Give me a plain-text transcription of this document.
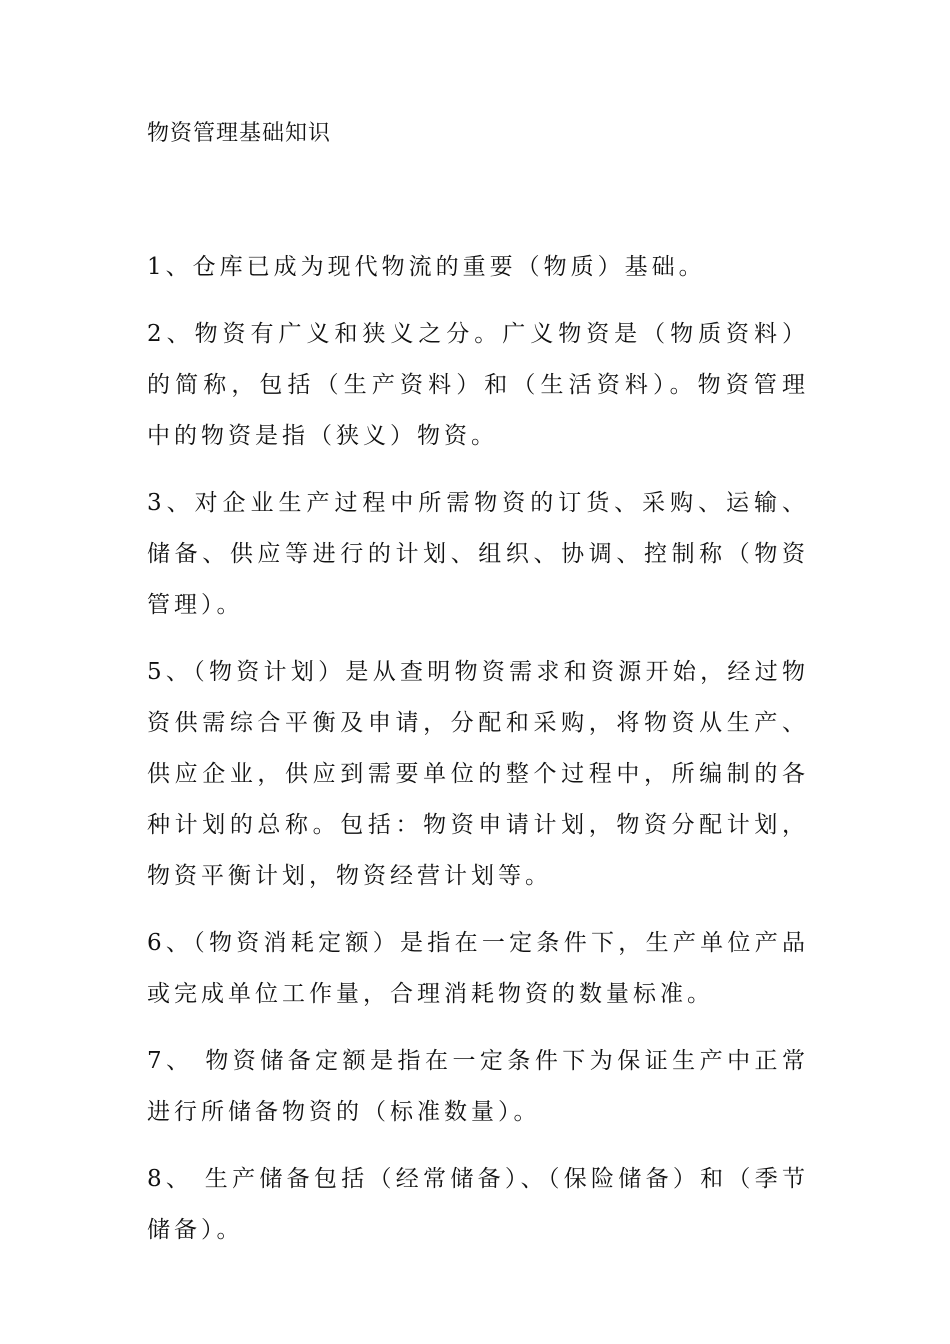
物资管理基础知识

1、仓库已成为现代物流的重要（物质）基础。

2、物资有广义和狭义之分。广义物资是（物质资料）的简称，包括（生产资料）和（生活资料）。物资管理中的物资是指（狭义）物资。

3、对企业生产过程中所需物资的订货、采购、运输、储备、供应等进行的计划、组织、协调、控制称（物资管理）。

5、（物资计划）是从查明物资需求和资源开始，经过物资供需综合平衡及申请，分配和采购，将物资从生产、供应企业，供应到需要单位的整个过程中，所编制的各种计划的总称。包括：物资申请计划，物资分配计划，物资平衡计划，物资经营计划等。

6、（物资消耗定额）是指在一定条件下，生产单位产品或完成单位工作量，合理消耗物资的数量标准。

7、 物资储备定额是指在一定条件下为保证生产中正常进行所储备物资的（标准数量）。

8、 生产储备包括（经常储备）、（保险储备）和（季节储备）。
